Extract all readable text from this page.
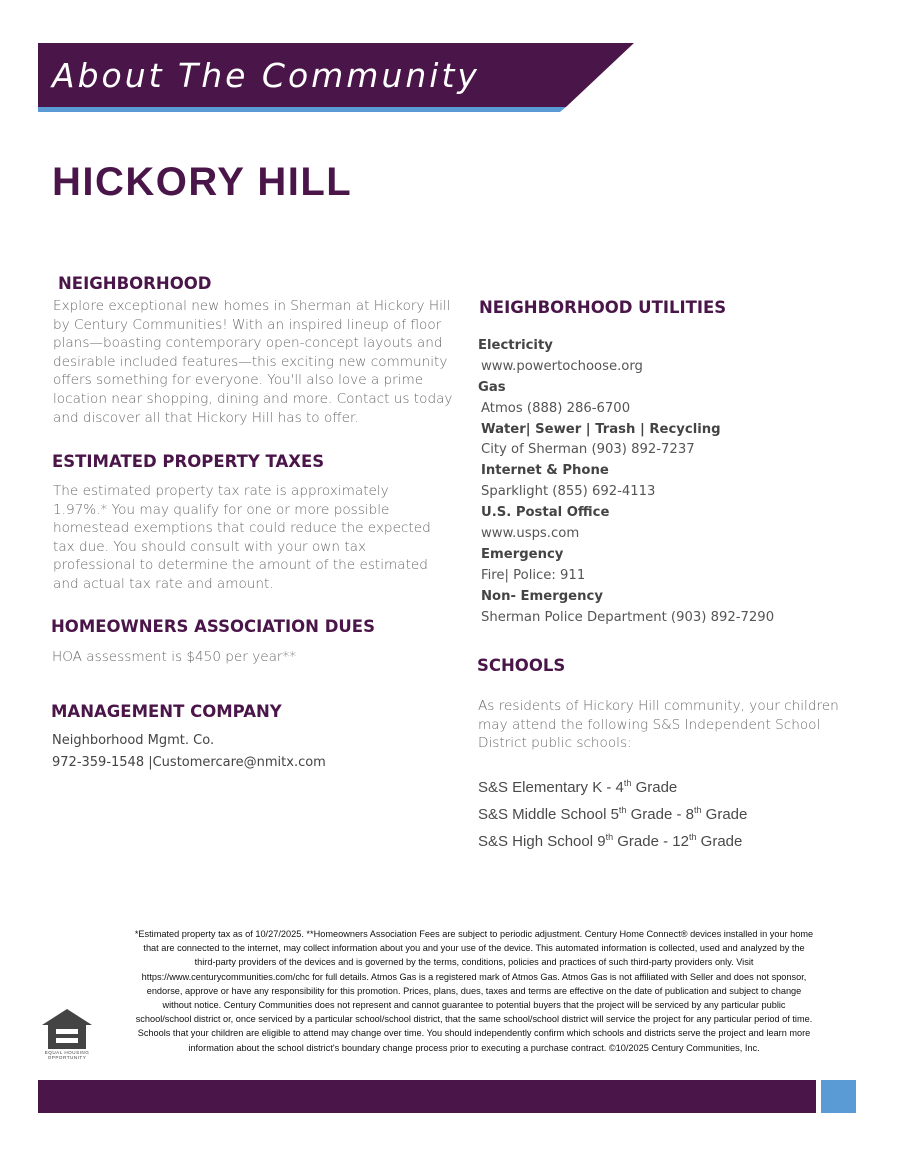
About The Community
HICKORY HILL
NEIGHBORHOOD
Explore exceptional new homes in Sherman at Hickory Hill
by Century Communities! With an inspired lineup of floor
plans—boasting contemporary open-concept layouts and
desirable included features—this exciting new community
offers something for everyone. You'll also love a prime
location near shopping, dining and more. Contact us today
and discover all that Hickory Hill has to offer.
ESTIMATED PROPERTY TAXES
The estimated property tax rate is approximately
1.97%.* You may qualify for one or more possible
homestead exemptions that could reduce the expected
tax due. You should consult with your own tax
professional to determine the amount of the estimated
and actual tax rate and amount.
HOMEOWNERS ASSOCIATION DUES
HOA assessment is $450 per year**
MANAGEMENT COMPANY
Neighborhood Mgmt. Co.
972-359-1548 |Customercare@nmitx.com
NEIGHBORHOOD UTILITIES
Electricity
www.powertochoose.org
Gas
Atmos (888) 286-6700
Water| Sewer | Trash | Recycling
City of Sherman (903) 892-7237
Internet & Phone
Sparklight (855) 692-4113
U.S. Postal Office
www.usps.com
Emergency
Fire| Police: 911
Non- Emergency
Sherman Police Department (903) 892-7290
SCHOOLS
As residents of Hickory Hill community, your children
may attend the following S&S Independent School
District public schools:
S&S Elementary K - 4th Grade
S&S Middle School 5th Grade - 8th Grade
S&S High School 9th Grade - 12th Grade
*Estimated property tax as of 10/27/2025. **Homeowners Association Fees are subject to periodic adjustment. Century Home Connect® devices installed in your home
that are connected to the internet, may collect information about you and your use of the device. This automated information is collected, used and analyzed by the
third-party providers of the devices and is governed by the terms, conditions, policies and practices of such third-party providers only. Visit
https://www.centurycommunities.com/chc for full details. Atmos Gas is a registered mark of Atmos Gas. Atmos Gas is not affiliated with Seller and does not sponsor,
endorse, approve or have any responsibility for this promotion. Prices, plans, dues, taxes and terms are effective on the date of publication and subject to change
without notice. Century Communities does not represent and cannot guarantee to potential buyers that the project will be serviced by any particular public
school/school district or, once serviced by a particular school/school district, that the same school/school district will service the project for any particular period of time.
Schools that your children are eligible to attend may change over time. You should independently confirm which schools and districts serve the project and learn more
information about the school district's boundary change process prior to executing a purchase contract. ©10/2025 Century Communities, Inc.
EQUAL HOUSING OPPORTUNITY
